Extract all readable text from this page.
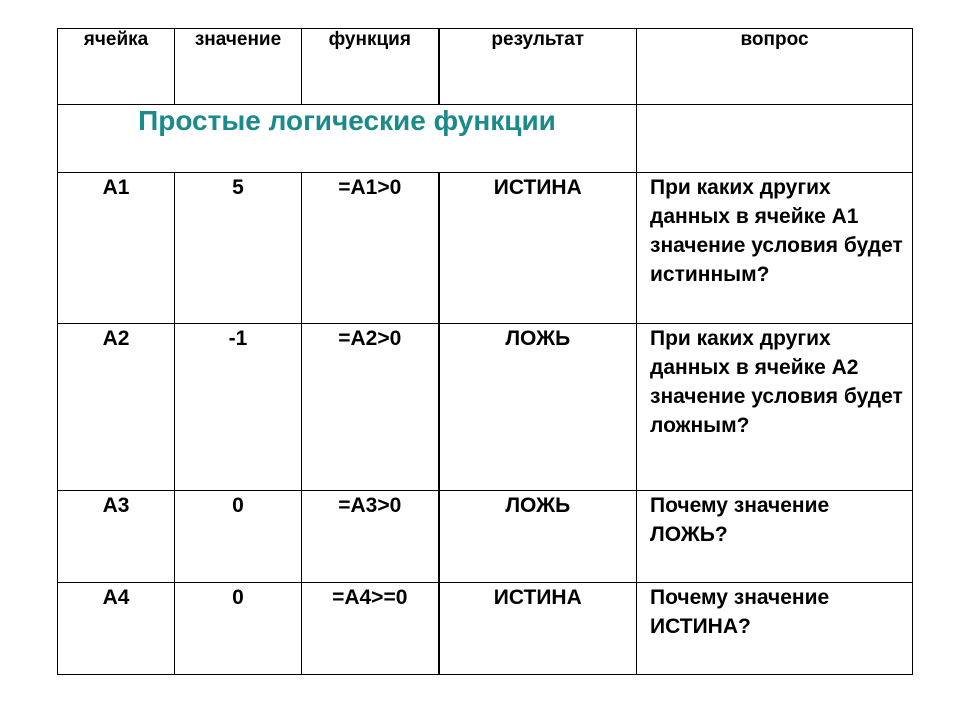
ячейка	значение	функция	результат	вопрос
Простые логические функции				
A1	5	=A1>0	ИСТИНА	При каких других данных в ячейке А1 значение условия будет истинным?
A2	-1	=A2>0	ЛОЖЬ	При каких других данных в ячейке А2 значение условия будет ложным?
A3	0	=A3>0	ЛОЖЬ	Почему значение ЛОЖЬ?
A4	0	=A4>=0	ИСТИНА	Почему значение ИСТИНА?
